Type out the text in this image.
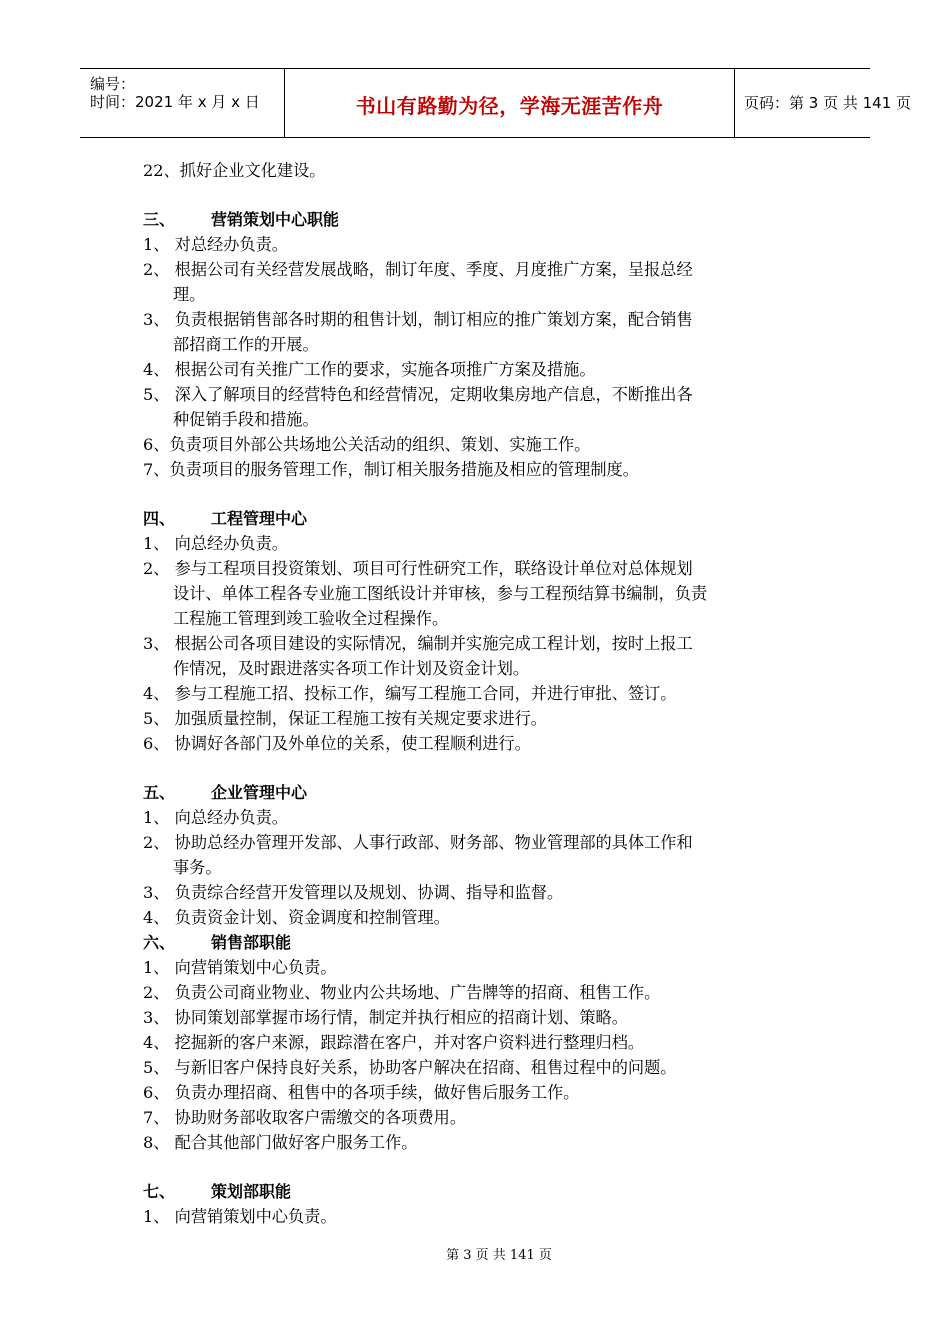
编号：
时间：2021 年 x 月 x 日	书山有路勤为径，学海无涯苦作舟	页码：第 3 页 共 141 页
22、抓好企业文化建设。
三、 营销策划中心职能
1、 对总经办负责。
2、 根据公司有关经营发展战略，制订年度、季度、月度推广方案，呈报总经
理。
3、 负责根据销售部各时期的租售计划，制订相应的推广策划方案，配合销售
部招商工作的开展。
4、 根据公司有关推广工作的要求，实施各项推广方案及措施。
5、 深入了解项目的经营特色和经营情况，定期收集房地产信息，不断推出各
种促销手段和措施。
6、负责项目外部公共场地公关活动的组织、策划、实施工作。
7、负责项目的服务管理工作，制订相关服务措施及相应的管理制度。
四、 工程管理中心
1、 向总经办负责。
2、 参与工程项目投资策划、项目可行性研究工作，联络设计单位对总体规划
设计、单体工程各专业施工图纸设计并审核，参与工程预结算书编制，负责
工程施工管理到竣工验收全过程操作。
3、 根据公司各项目建设的实际情况，编制并实施完成工程计划，按时上报工
作情况，及时跟进落实各项工作计划及资金计划。
4、 参与工程施工招、投标工作，编写工程施工合同，并进行审批、签订。
5、 加强质量控制，保证工程施工按有关规定要求进行。
6、 协调好各部门及外单位的关系，使工程顺利进行。
五、 企业管理中心
1、 向总经办负责。
2、 协助总经办管理开发部、人事行政部、财务部、物业管理部的具体工作和
事务。
3、 负责综合经营开发管理以及规划、协调、指导和监督。
4、 负责资金计划、资金调度和控制管理。
六、 销售部职能
1、 向营销策划中心负责。
2、 负责公司商业物业、物业内公共场地、广告牌等的招商、租售工作。
3、 协同策划部掌握市场行情，制定并执行相应的招商计划、策略。
4、 挖掘新的客户来源，跟踪潜在客户，并对客户资料进行整理归档。
5、 与新旧客户保持良好关系，协助客户解决在招商、租售过程中的问题。
6、 负责办理招商、租售中的各项手续，做好售后服务工作。
7、 协助财务部收取客户需缴交的各项费用。
8、 配合其他部门做好客户服务工作。
七、 策划部职能
1、 向营销策划中心负责。
第 3 页 共 141 页
